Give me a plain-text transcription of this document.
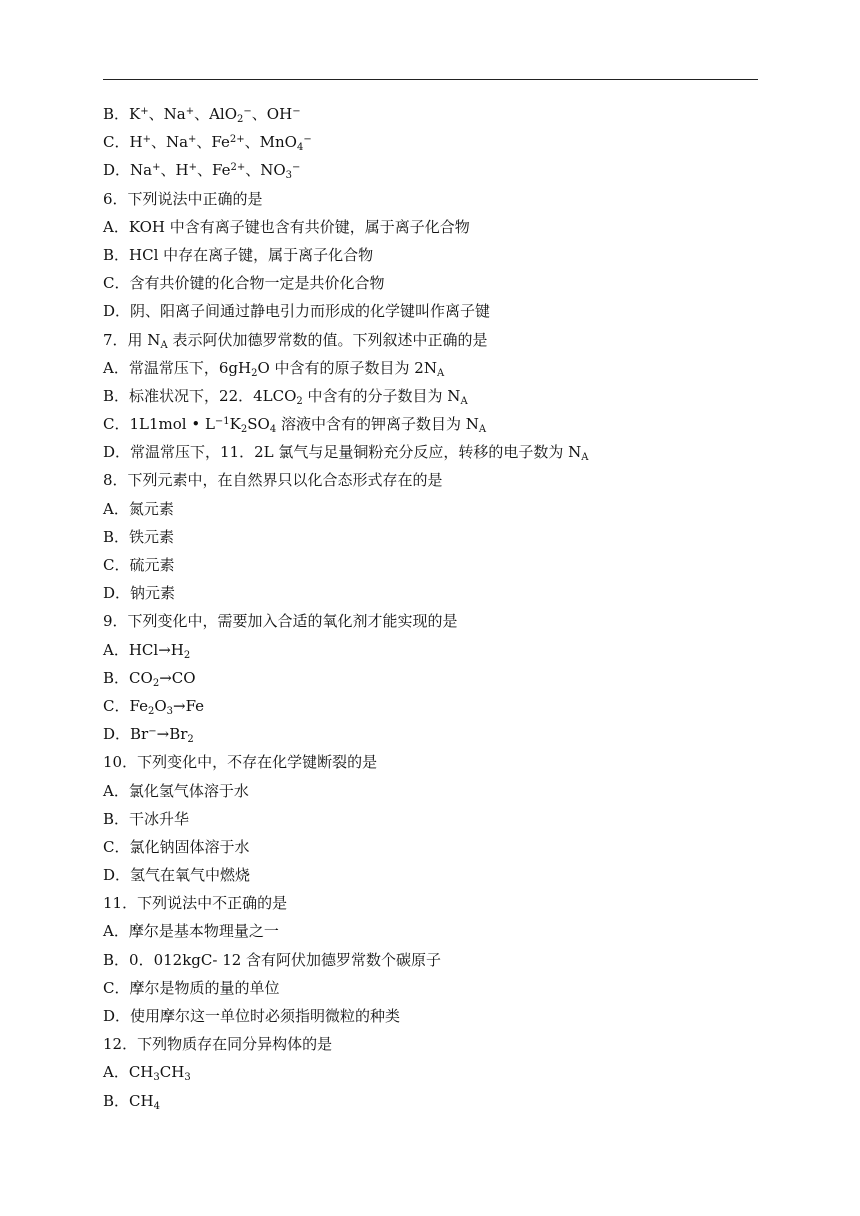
B．K+、Na+、AlO$_2$−、OH−
C．H+、Na+、$Fe^{2+}$、MnO$_4$−
D．Na+、H+、$Fe^{2+}$、$NO_3^-$
6．下列说法中正确的是
A．KOH 中含有离子键也含有共价键，属于离子化合物
B．HCl 中存在离子键，属于离子化合物
C．含有共价键的化合物一定是共价化合物
D．阴、阳离子间通过静电引力而形成的化学键叫作离子键
7．用 $N_A$ 表示阿伏加德罗常数的值。下列叙述中正确的是
A．常温常压下，$6gH_2O$ 中含有的原子数目为 $2N_A$
B．标准状况下，22．$4LCO_2$ 中含有的分子数目为 $N_A$
C．1L1mol • $L^{-1}K_2SO_4$ 溶液中含有的钾离子数目为 $N_A$
D．常温常压下，11．2L 氯气与足量铜粉充分反应，转移的电子数为 $N_A$
8．下列元素中，在自然界只以化合态形式存在的是
A．氮元素
B．铁元素
C．硫元素
D．钠元素
9．下列变化中，需要加入合适的氧化剂才能实现的是
A．$HCl\to H_2$
B．$CO_2\to CO$
C．$Fe_2O_3\to Fe$
D．$Br^-\to Br_2$
10．下列变化中，不存在化学键断裂的是
A．氯化氢气体溶于水
B．干冰升华
C．氯化钠固体溶于水
D．氢气在氧气中燃烧
11．下列说法中不正确的是
A．摩尔是基本物理量之一
B．0．012kgC- 12 含有阿伏加德罗常数个碳原子
C．摩尔是物质的量的单位
D．使用摩尔这一单位时必须指明微粒的种类
12．下列物质存在同分异构体的是
A．$CH_3CH_3$
B．$CH_4$
